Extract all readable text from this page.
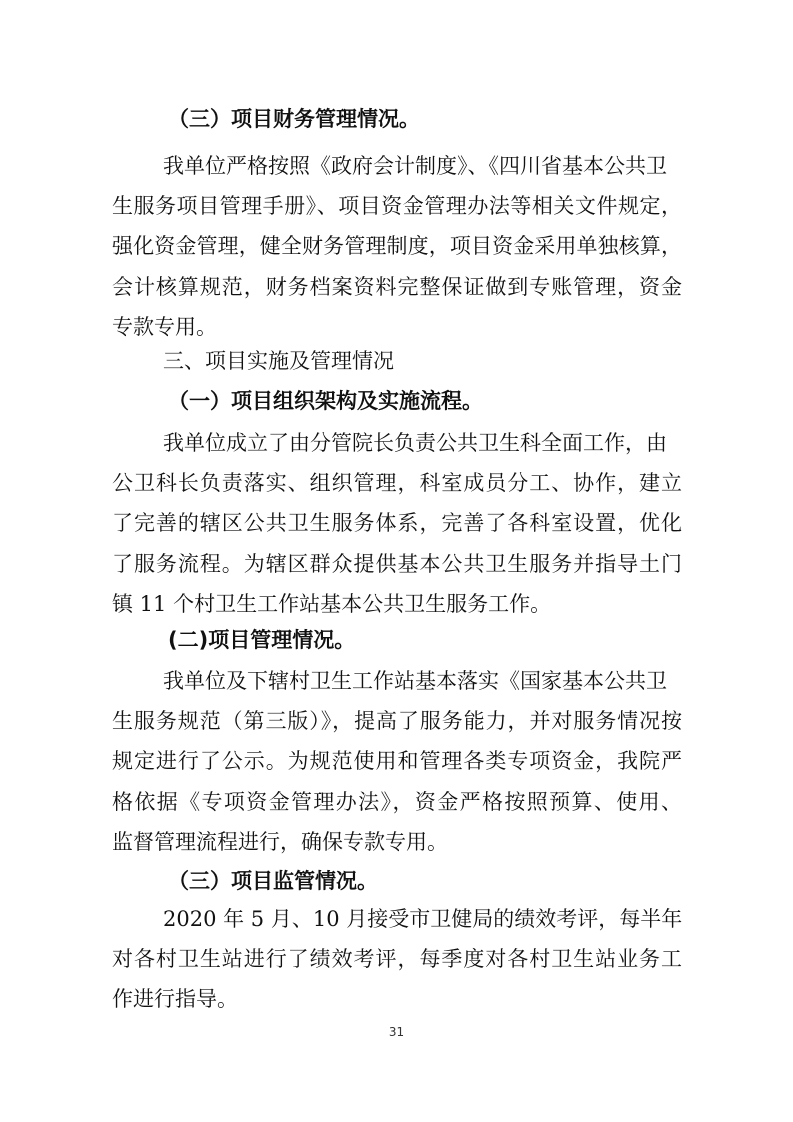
（三）项目财务管理情况。
我单位严格按照《政府会计制度》、《四川省基本公共卫
生服务项目管理手册》、项目资金管理办法等相关文件规定，
强化资金管理，健全财务管理制度，项目资金采用单独核算，
会计核算规范，财务档案资料完整保证做到专账管理，资金
专款专用。
三、项目实施及管理情况
（一）项目组织架构及实施流程。
我单位成立了由分管院长负责公共卫生科全面工作，由
公卫科长负责落实、组织管理，科室成员分工、协作，建立
了完善的辖区公共卫生服务体系，完善了各科室设置，优化
了服务流程。为辖区群众提供基本公共卫生服务并指导土门
镇 11 个村卫生工作站基本公共卫生服务工作。
(二)项目管理情况。
我单位及下辖村卫生工作站基本落实《国家基本公共卫
生服务规范（第三版）》，提高了服务能力，并对服务情况按
规定进行了公示。为规范使用和管理各类专项资金，我院严
格依据《专项资金管理办法》，资金严格按照预算、使用、
监督管理流程进行，确保专款专用。
（三）项目监管情况。
2020 年 5 月、10 月接受市卫健局的绩效考评，每半年
对各村卫生站进行了绩效考评，每季度对各村卫生站业务工
作进行指导。
31
